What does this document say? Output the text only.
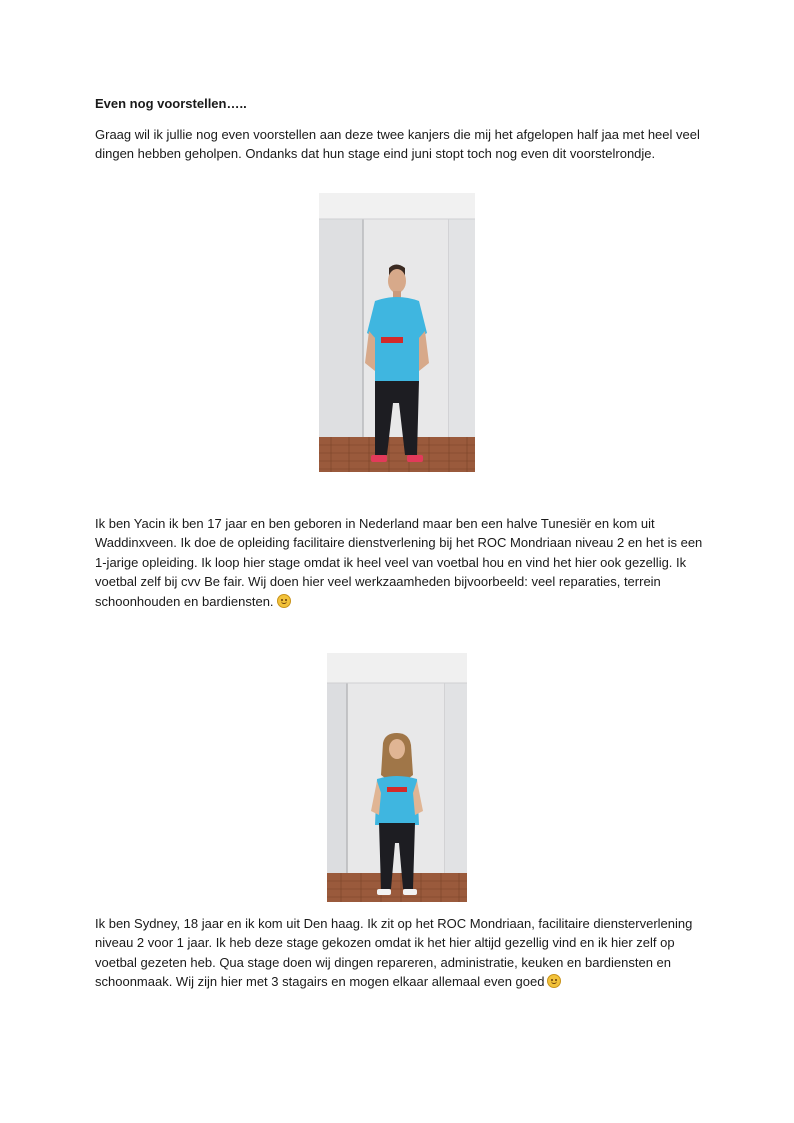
Even nog voorstellen…..

Graag wil ik jullie nog even voorstellen aan deze twee kanjers die mij het afgelopen half jaa met heel veel dingen hebben geholpen. Ondanks dat hun stage eind juni stopt toch nog even dit voorstelrondje.

Ik ben Yacin ik ben 17 jaar en ben geboren in Nederland maar ben een halve Tunesiër en kom uit Waddinxveen. Ik doe de opleiding facilitaire dienstverlening bij het ROC Mondriaan niveau 2 en het is een 1-jarige opleiding. Ik loop hier stage omdat ik heel veel van voetbal hou en vind het hier ook gezellig. Ik voetbal zelf bij cvv Be fair. Wij doen hier veel werkzaamheden bijvoorbeeld: veel reparaties, terrein schoonhouden en bardiensten.

Ik ben Sydney, 18 jaar en ik kom uit Den haag. Ik zit op het ROC Mondriaan, facilitaire diensterverlening niveau 2 voor 1 jaar. Ik heb deze stage gekozen omdat ik het hier altijd gezellig vind en ik hier zelf op voetbal gezeten heb. Qua stage doen wij dingen repareren, administratie, keuken en bardiensten en schoonmaak. Wij zijn hier met 3 stagairs en mogen elkaar allemaal even goed
